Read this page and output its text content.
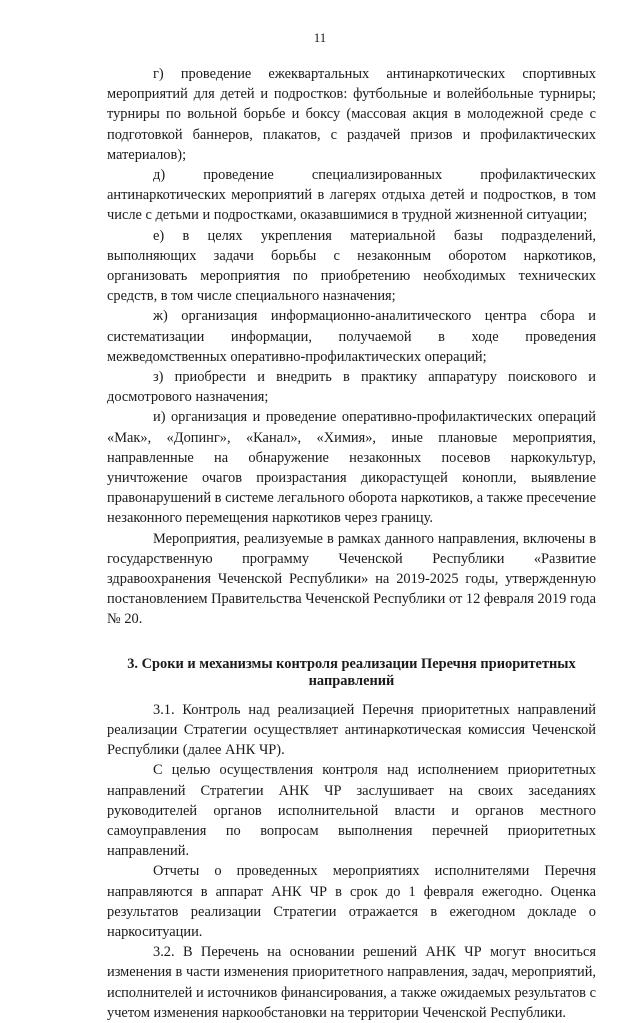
11

г) проведение ежеквартальных антинаркотических спортивных мероприятий для детей и подростков: футбольные и волейбольные турниры; турниры по вольной борьбе и боксу (массовая акция в молодежной среде с подготовкой баннеров, плакатов, с раздачей призов и профилактических материалов);

д) проведение специализированных профилактических антинаркотических мероприятий в лагерях отдыха детей и подростков, в том числе с детьми и подростками, оказавшимися в трудной жизненной ситуации;

е) в целях укрепления материальной базы подразделений, выполняющих задачи борьбы с незаконным оборотом наркотиков, организовать мероприятия по приобретению необходимых технических средств, в том числе специального назначения;

ж) организация информационно-аналитического центра сбора и систематизации информации, получаемой в ходе проведения межведомственных оперативно-профилактических операций;

з) приобрести и внедрить в практику аппаратуру поискового и досмотрового назначения;

и) организация и проведение оперативно-профилактических операций «Мак», «Допинг», «Канал», «Химия», иные плановые мероприятия, направленные на обнаружение незаконных посевов наркокультур, уничтожение очагов произрастания дикорастущей конопли, выявление правонарушений в системе легального оборота наркотиков, а также пресечение незаконного перемещения наркотиков через границу.

Мероприятия, реализуемые в рамках данного направления, включены в государственную программу Чеченской Республики «Развитие здравоохранения Чеченской Республики» на 2019-2025 годы, утвержденную постановлением Правительства Чеченской Республики от 12 февраля 2019 года № 20.

3. Сроки и механизмы контроля реализации Перечня приоритетных направлений

3.1. Контроль над реализацией Перечня приоритетных направлений реализации Стратегии осуществляет антинаркотическая комиссия Чеченской Республики (далее АНК ЧР).

С целью осуществления контроля над исполнением приоритетных направлений Стратегии АНК ЧР заслушивает на своих заседаниях руководителей органов исполнительной власти и органов местного самоуправления по вопросам выполнения перечней приоритетных направлений.

Отчеты о проведенных мероприятиях исполнителями Перечня направляются в аппарат АНК ЧР в срок до 1 февраля ежегодно. Оценка результатов реализации Стратегии отражается в ежегодном докладе о наркоситуации.

3.2. В Перечень на основании решений АНК ЧР могут вноситься изменения в части изменения приоритетного направления, задач, мероприятий, исполнителей и источников финансирования, а также ожидаемых результатов с учетом изменения наркообстановки на территории Чеченской Республики.
